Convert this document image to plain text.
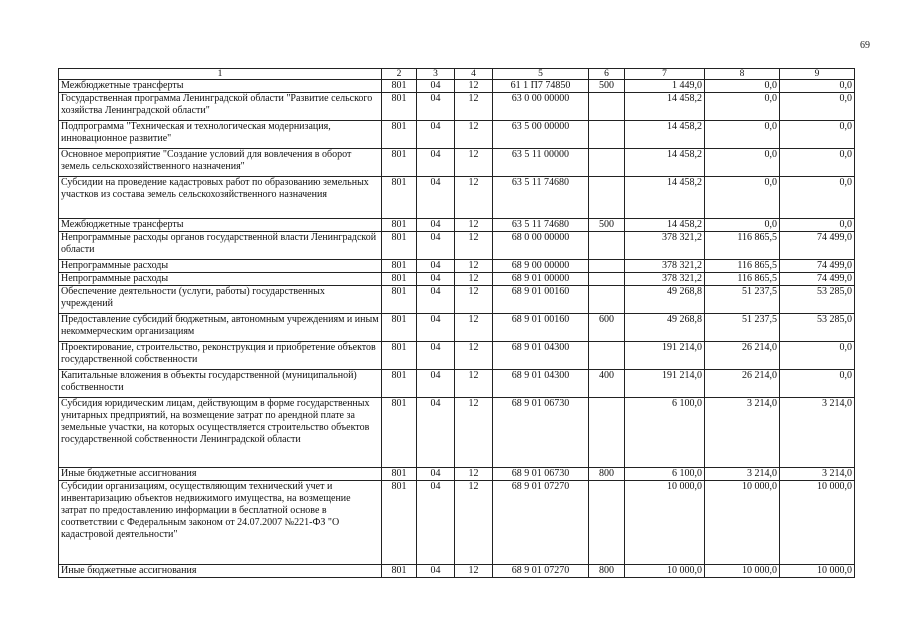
69
1	2	3	4	5	6	7	8	9
Межбюджетные трансферты	801	04	12	61 1 П7 74850	500	1 449,0	0,0	0,0
Государственная программа Ленинградской области "Развитие сельского хозяйства Ленинградской области"	801	04	12	63 0 00 00000		14 458,2	0,0	0,0
Подпрограмма "Техническая и технологическая модернизация, инновационное развитие"	801	04	12	63 5 00 00000		14 458,2	0,0	0,0
Основное мероприятие "Создание условий для вовлечения в оборот земель сельскохозяйственного назначения"	801	04	12	63 5 11 00000		14 458,2	0,0	0,0
Субсидии на проведение кадастровых работ по образованию земельных участков из состава земель сельскохозяйственного назначения	801	04	12	63 5 11 74680		14 458,2	0,0	0,0
Межбюджетные трансферты	801	04	12	63 5 11 74680	500	14 458,2	0,0	0,0
Непрограммные расходы органов государственной власти Ленинградской области	801	04	12	68 0 00 00000		378 321,2	116 865,5	74 499,0
Непрограммные расходы	801	04	12	68 9 00 00000		378 321,2	116 865,5	74 499,0
Непрограммные расходы	801	04	12	68 9 01 00000		378 321,2	116 865,5	74 499,0
Обеспечение деятельности (услуги, работы) государственных учреждений	801	04	12	68 9 01 00160		49 268,8	51 237,5	53 285,0
Предоставление субсидий бюджетным, автономным учреждениям и иным некоммерческим организациям	801	04	12	68 9 01 00160	600	49 268,8	51 237,5	53 285,0
Проектирование, строительство, реконструкция и приобретение объектов государственной собственности	801	04	12	68 9 01 04300		191 214,0	26 214,0	0,0
Капитальные вложения в объекты государственной (муниципальной) собственности	801	04	12	68 9 01 04300	400	191 214,0	26 214,0	0,0
Субсидия юридическим лицам, действующим в форме государственных унитарных предприятий, на возмещение затрат по арендной плате за земельные участки, на которых осуществляется строительство объектов государственной собственности Ленинградской области	801	04	12	68 9 01 06730		6 100,0	3 214,0	3 214,0
Иные бюджетные ассигнования	801	04	12	68 9 01 06730	800	6 100,0	3 214,0	3 214,0
Субсидии организациям, осуществляющим технический учет и инвентаризацию объектов недвижимого имущества, на возмещение затрат по предоставлению информации в бесплатной основе в соответствии с Федеральным законом от 24.07.2007 №221-ФЗ "О кадастровой деятельности"	801	04	12	68 9 01 07270		10 000,0	10 000,0	10 000,0
Иные бюджетные ассигнования	801	04	12	68 9 01 07270	800	10 000,0	10 000,0	10 000,0
